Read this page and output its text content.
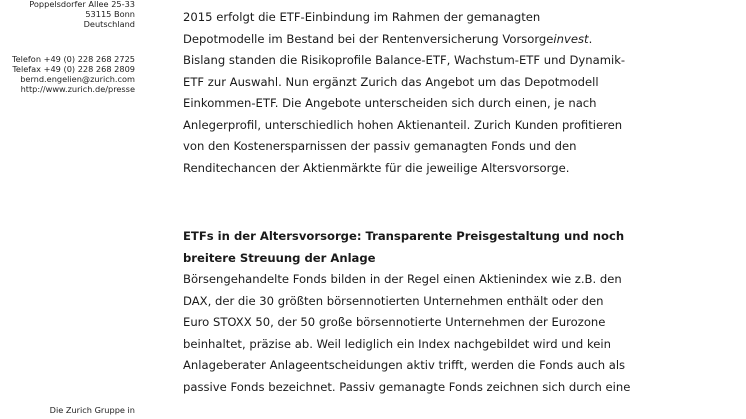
Poppelsdorfer Allee 25-33
53115 Bonn
Deutschland
Telefon +49 (0) 228 268 2725
Telefax +49 (0) 228 268 2809
bernd.engelien@zurich.com
http://www.zurich.de/presse
Die Zurich Gruppe in
2015 erfolgt die ETF-Einbindung im Rahmen der gemanagten
Depotmodelle im Bestand bei der Rentenversicherung Vorsorgeinvest.
Bislang standen die Risikoprofile Balance-ETF, Wachstum-ETF und Dynamik-
ETF zur Auswahl. Nun ergänzt Zurich das Angebot um das Depotmodell
Einkommen-ETF. Die Angebote unterscheiden sich durch einen, je nach
Anlegerprofil, unterschiedlich hohen Aktienanteil. Zurich Kunden profitieren
von den Kostenersparnissen der passiv gemanagten Fonds und den
Renditechancen der Aktienmärkte für die jeweilige Altersvorsorge.
ETFs in der Altersvorsorge: Transparente Preisgestaltung und noch
breitere Streuung der Anlage
Börsengehandelte Fonds bilden in der Regel einen Aktienindex wie z.B. den
DAX, der die 30 größten börsennotierten Unternehmen enthält oder den
Euro STOXX 50, der 50 große börsennotierte Unternehmen der Eurozone
beinhaltet, präzise ab. Weil lediglich ein Index nachgebildet wird und kein
Anlageberater Anlageentscheidungen aktiv trifft, werden die Fonds auch als
passive Fonds bezeichnet. Passiv gemanagte Fonds zeichnen sich durch eine
